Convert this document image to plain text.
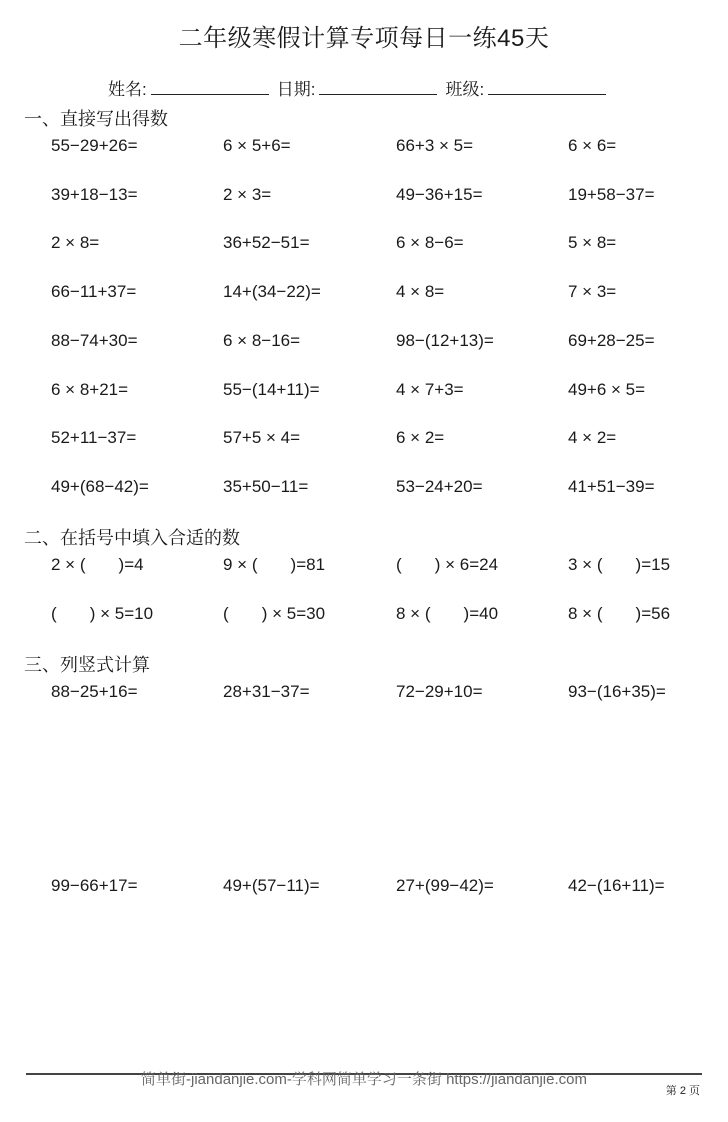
二年级寒假计算专项每日一练45天
姓名:	日期:	班级:
一、直接写出得数
55−29+26=	6 × 5+6=	66+3 × 5=	6 × 6=
39+18−13=	2 × 3=	49−36+15=	19+58−37=
2 × 8=	36+52−51=	6 × 8−6=	5 × 8=
66−11+37=	14+(34−22)=	4 × 8=	7 × 3=
88−74+30=	6 × 8−16=	98−(12+13)=	69+28−25=
6 × 8+21=	55−(14+11)=	4 × 7+3=	49+6 × 5=
52+11−37=	57+5 × 4=	6 × 2=	4 × 2=
49+(68−42)=	35+50−11=	53−24+20=	41+51−39=
二、在括号中填入合适的数
2 × (       )=4	9 × (       )=81	(       ) × 6=24	3 × (       )=15
(       ) × 5=10	(       ) × 5=30	8 × (       )=40	8 × (       )=56
三、列竖式计算
88−25+16=	28+31−37=	72−29+10=	93−(16+35)=
99−66+17=	49+(57−11)=	27+(99−42)=	42−(16+11)=
简单街-jiandanjie.com-学科网简单学习一条街 https://jiandanjie.com
第 2 页
